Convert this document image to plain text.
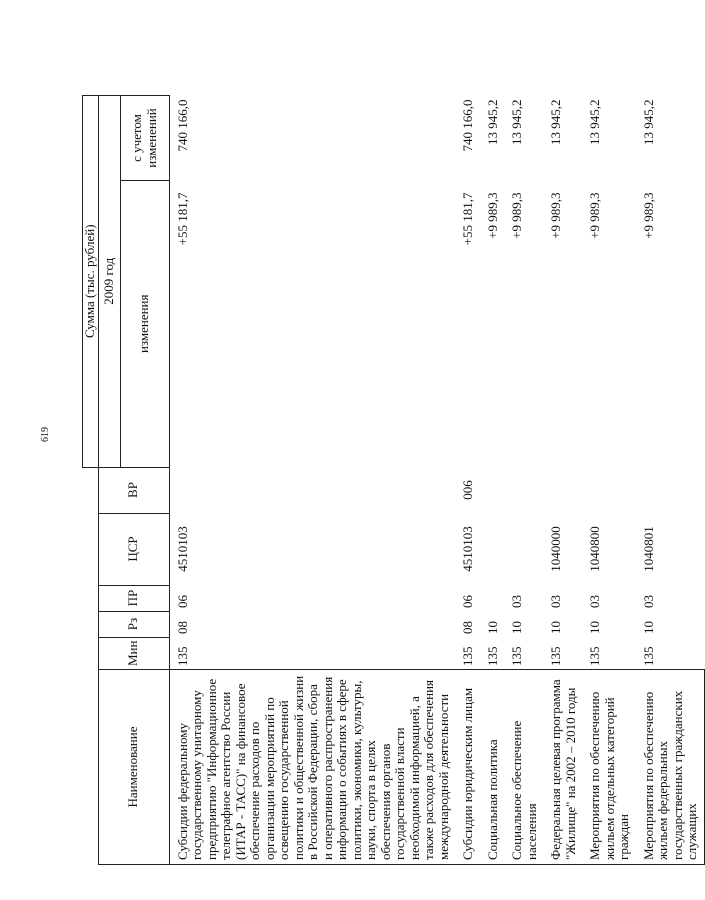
619
						Сумма (тыс. рублей)	
Наименование	Мин	Рз	ПР	ЦСР	ВР	2009 год	
						изменения	с учетом изменений
Субсидии федеральному государственному унитарному предприятию "Информационное телеграфное агентство России (ИТАР - ТАСС)" на финансовое обеспечение расходов по организации мероприятий по освещению государственной политики и общественной жизни в Российской Федерации, сбора и оперативного распространения информации о событиях в сфере политики, экономики, культуры, науки, спорта в целях обеспечения органов государственной власти необходимой информацией, а также расходов для обеспечения международной деятельности	135	08	06	4510103		+55 181,7	740 166,0
Субсидии юридическим лицам	135	08	06	4510103	006	+55 181,7	740 166,0
Социальная политика	135	10				+9 989,3	13 945,2
Социальное обеспечение населения	135	10	03			+9 989,3	13 945,2
Федеральная целевая программа "Жилище" на 2002 – 2010 годы	135	10	03	1040000		+9 989,3	13 945,2
Мероприятия по обеспечению жильем отдельных категорий граждан	135	10	03	1040800		+9 989,3	13 945,2
Мероприятия по обеспечению жильем федеральных государственных гражданских служащих	135	10	03	1040801		+9 989,3	13 945,2
